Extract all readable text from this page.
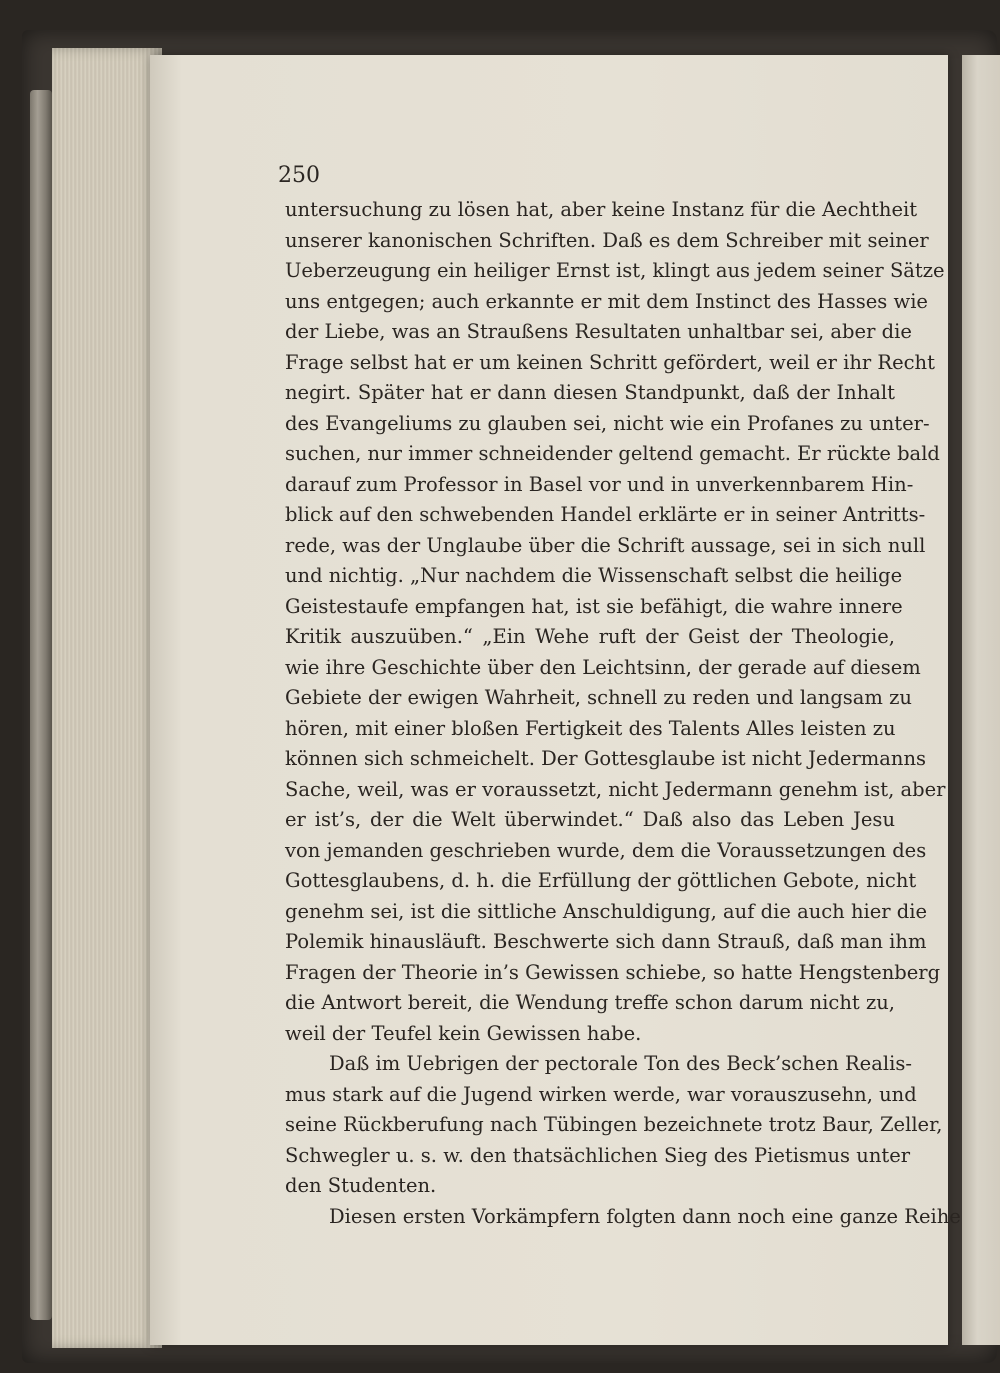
250
untersuchung zu lösen hat, aber keine Instanz für die Aechtheit
unserer kanonischen Schriften. Daß es dem Schreiber mit seiner
Ueberzeugung ein heiliger Ernst ist, klingt aus jedem seiner Sätze
uns entgegen; auch erkannte er mit dem Instinct des Hasses wie
der Liebe, was an Straußens Resultaten unhaltbar sei, aber die
Frage selbst hat er um keinen Schritt gefördert, weil er ihr Recht
negirt. Später hat er dann diesen Standpunkt, daß der Inhalt
des Evangeliums zu glauben sei, nicht wie ein Profanes zu unter-
suchen, nur immer schneidender geltend gemacht. Er rückte bald
darauf zum Professor in Basel vor und in unverkennbarem Hin-
blick auf den schwebenden Handel erklärte er in seiner Antritts-
rede, was der Unglaube über die Schrift aussage, sei in sich null
und nichtig. „Nur nachdem die Wissenschaft selbst die heilige
Geistestaufe empfangen hat, ist sie befähigt, die wahre innere
Kritik auszuüben.“ „Ein Wehe ruft der Geist der Theologie,
wie ihre Geschichte über den Leichtsinn, der gerade auf diesem
Gebiete der ewigen Wahrheit, schnell zu reden und langsam zu
hören, mit einer bloßen Fertigkeit des Talents Alles leisten zu
können sich schmeichelt. Der Gottesglaube ist nicht Jedermanns
Sache, weil, was er voraussetzt, nicht Jedermann genehm ist, aber
er ist’s, der die Welt überwindet.“ Daß also das Leben Jesu
von jemanden geschrieben wurde, dem die Voraussetzungen des
Gottesglaubens, d. h. die Erfüllung der göttlichen Gebote, nicht
genehm sei, ist die sittliche Anschuldigung, auf die auch hier die
Polemik hinausläuft. Beschwerte sich dann Strauß, daß man ihm
Fragen der Theorie in’s Gewissen schiebe, so hatte Hengstenberg
die Antwort bereit, die Wendung treffe schon darum nicht zu,
weil der Teufel kein Gewissen habe.
Daß im Uebrigen der pectorale Ton des Beck’schen Realis-
mus stark auf die Jugend wirken werde, war vorauszusehn, und
seine Rückberufung nach Tübingen bezeichnete trotz Baur, Zeller,
Schwegler u. s. w. den thatsächlichen Sieg des Pietismus unter
den Studenten.
Diesen ersten Vorkämpfern folgten dann noch eine ganze Reihe
